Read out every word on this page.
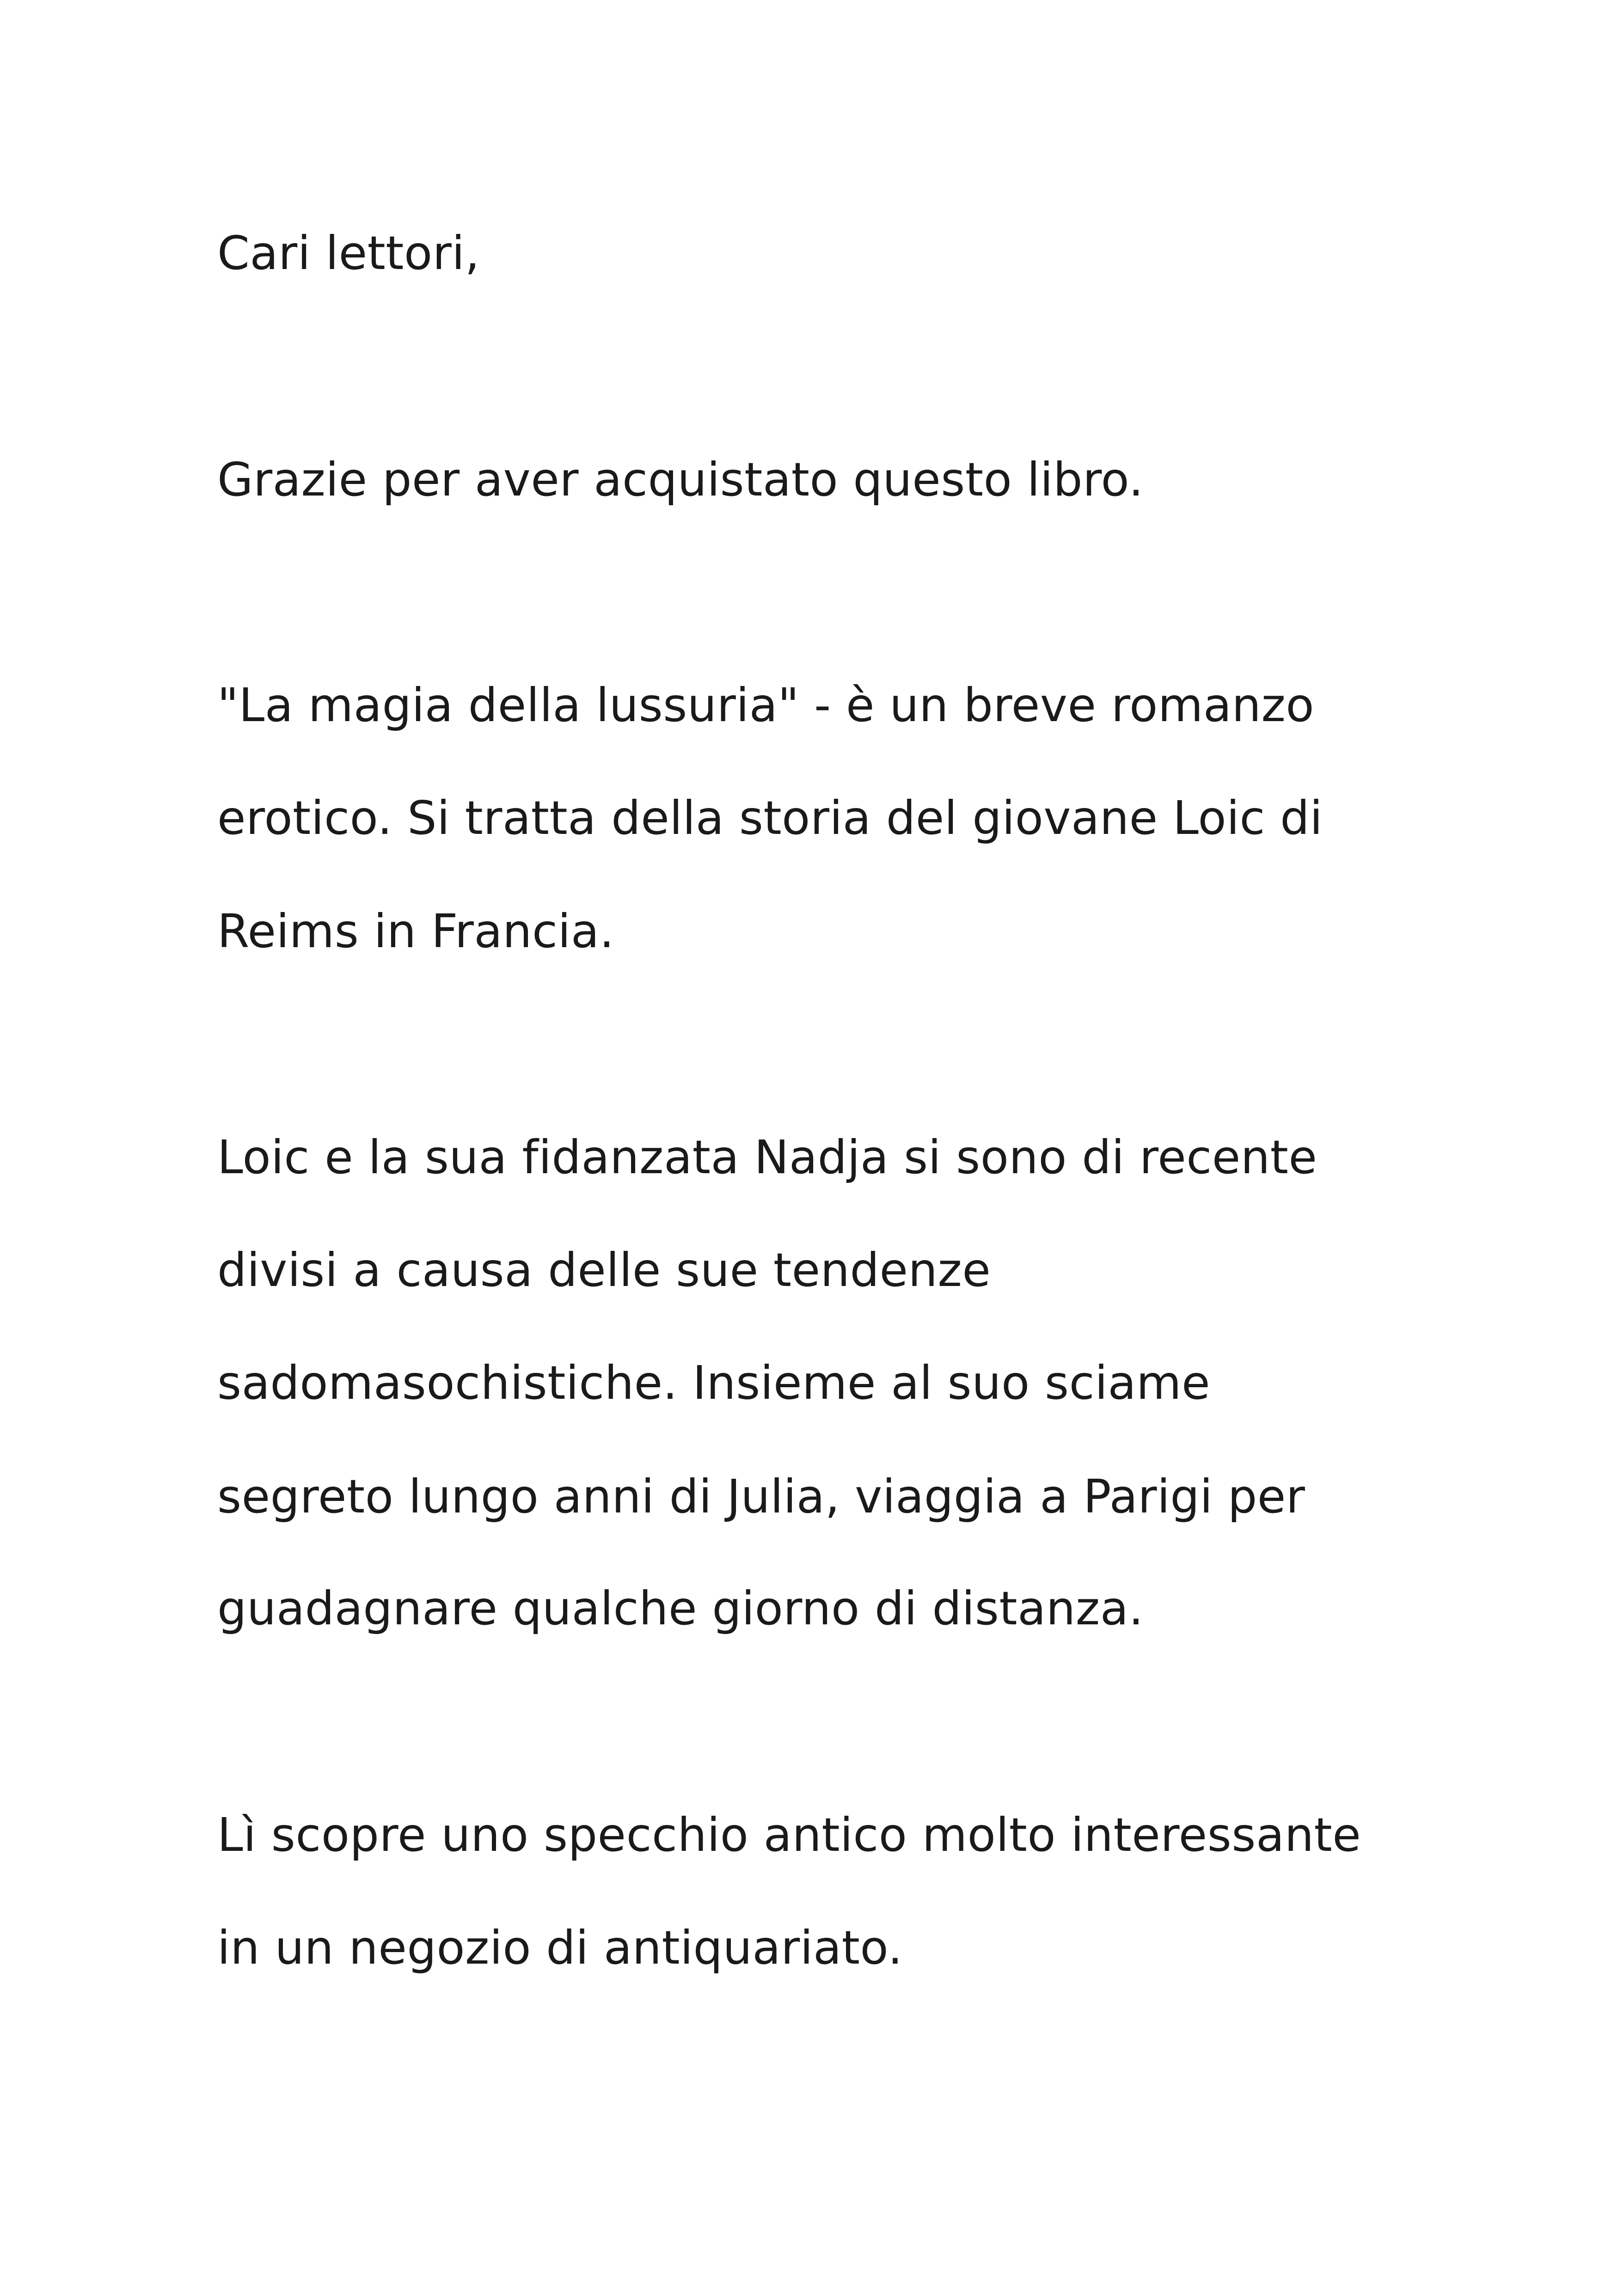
Cari lettori,

Grazie per aver acquistato questo libro.

"La magia della lussuria" - è un breve romanzo

erotico. Si tratta della storia del giovane Loic di

Reims in Francia.

Loic e la sua fidanzata Nadja si sono di recente

divisi a causa delle sue tendenze

sadomasochistiche. Insieme al suo sciame

segreto lungo anni di Julia, viaggia a Parigi per

guadagnare qualche giorno di distanza.

Lì scopre uno specchio antico molto interessante

in un negozio di antiquariato.
